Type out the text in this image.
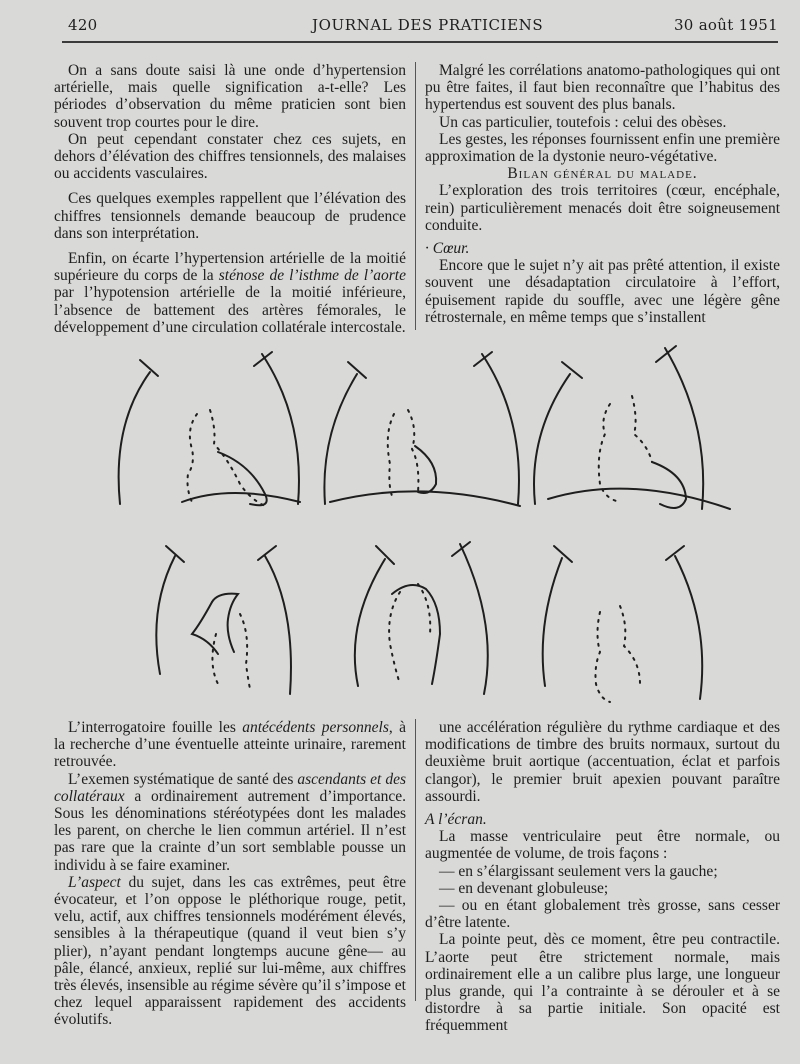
420	JOURNAL DES PRATICIENS	30 août 1951

On a sans doute saisi là une onde d’hypertension artérielle, mais quelle signification a-t-elle? Les périodes d’observation du même praticien sont bien souvent trop courtes pour le dire.

On peut cependant constater chez ces sujets, en dehors d’élévation des chiffres tensionnels, des malaises ou accidents vasculaires.

Ces quelques exemples rappellent que l’élévation des chiffres tensionnels demande beaucoup de prudence dans son interprétation.

Enfin, on écarte l’hypertension artérielle de la moitié supérieure du corps de la sténose de l’isthme de l’aorte par l’hypotension artérielle de la moitié inférieure, l’absence de battement des artères fémorales, le développement d’une circulation collatérale intercostale.

Malgré les corrélations anatomo-pathologiques qui ont pu être faites, il faut bien reconnaître que l’habitus des hypertendus est souvent des plus banals.

Un cas particulier, toutefois : celui des obèses.

Les gestes, les réponses fournissent enfin une première approximation de la dystonie neuro-végétative.

Bilan général du malade.

L’exploration des trois territoires (cœur, encéphale, rein) particulièrement menacés doit être soigneusement conduite.

· Cœur.

Encore que le sujet n’y ait pas prêté attention, il existe souvent une désadaptation circulatoire à l’effort, épuisement rapide du souffle, avec une légère gêne rétrosternale, en même temps que s’installent

L’interrogatoire fouille les antécédents personnels, à la recherche d’une éventuelle atteinte urinaire, rarement retrouvée.

L’exemen systématique de santé des ascendants et des collatéraux a ordinairement autrement d’importance. Sous les dénominations stéréotypées dont les malades les parent, on cherche le lien commun artériel. Il n’est pas rare que la crainte d’un sort semblable pousse un individu à se faire examiner.

L’aspect du sujet, dans les cas extrêmes, peut être évocateur, et l’on oppose le pléthorique rouge, petit, velu, actif, aux chiffres tensionnels modérément élevés, sensibles à la thérapeutique (quand il veut bien s’y plier), n’ayant pendant longtemps aucune gêne— au pâle, élancé, anxieux, replié sur lui-même, aux chiffres très élevés, insensible au régime sévère qu’il s’impose et chez lequel apparaissent rapidement des accidents évolutifs.

une accélération régulière du rythme cardiaque et des modifications de timbre des bruits normaux, surtout du deuxième bruit aortique (accentuation, éclat et parfois clangor), le premier bruit apexien pouvant paraître assourdi.

A l’écran.

La masse ventriculaire peut être normale, ou augmentée de volume, de trois façons :

— en s’élargissant seulement vers la gauche;

— en devenant globuleuse;

— ou en étant globalement très grosse, sans cesser d’être latente.

La pointe peut, dès ce moment, être peu contractile. L’aorte peut être strictement normale, mais ordinairement elle a un calibre plus large, une longueur plus grande, qui l’a contrainte à se dérouler et à se distordre à sa partie initiale. Son opacité est fréquemment
